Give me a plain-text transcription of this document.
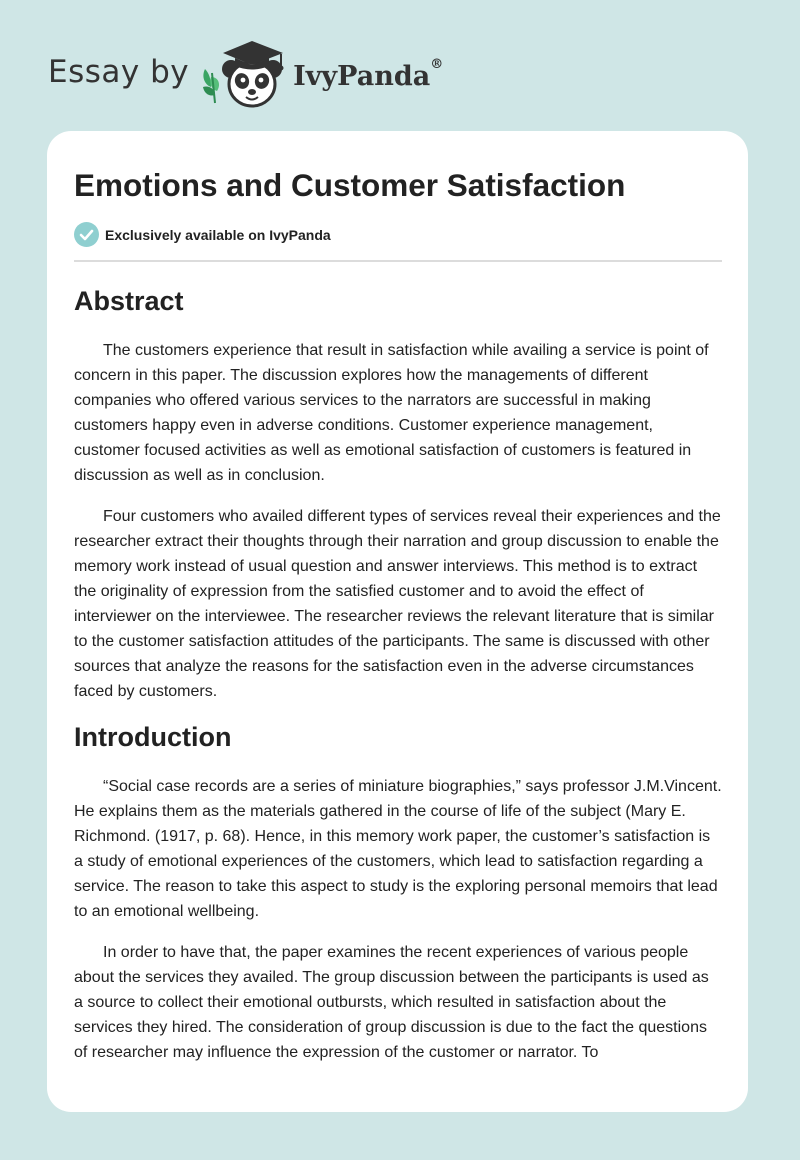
Essay by	IvyPanda®
Emotions and Customer Satisfaction
Exclusively available on IvyPanda
Abstract

The customers experience that result in satisfaction while availing a service is point of concern in this paper. The discussion explores how the managements of different companies who offered various services to the narrators are successful in making customers happy even in adverse conditions. Customer experience management, customer focused activities as well as emotional satisfaction of customers is featured in discussion as well as in conclusion.

Four customers who availed different types of services reveal their experiences and the researcher extract their thoughts through their narration and group discussion to enable the memory work instead of usual question and answer interviews. This method is to extract the originality of expression from the satisfied customer and to avoid the effect of interviewer on the interviewee. The researcher reviews the relevant literature that is similar to the customer satisfaction attitudes of the participants. The same is discussed with other sources that analyze the reasons for the satisfaction even in the adverse circumstances faced by customers.

Introduction

“Social case records are a series of miniature biographies,” says professor J.M.Vincent. He explains them as the materials gathered in the course of life of the subject (Mary E. Richmond. (1917, p. 68). Hence, in this memory work paper, the customer’s satisfaction is a study of emotional experiences of the customers, which lead to satisfaction regarding a service. The reason to take this aspect to study is the exploring personal memoirs that lead to an emotional wellbeing.

In order to have that, the paper examines the recent experiences of various people about the services they availed. The group discussion between the participants is used as a source to collect their emotional outbursts, which resulted in satisfaction about the services they hired. The consideration of group discussion is due to the fact the questions of researcher may influence the expression of the customer or narrator. To
